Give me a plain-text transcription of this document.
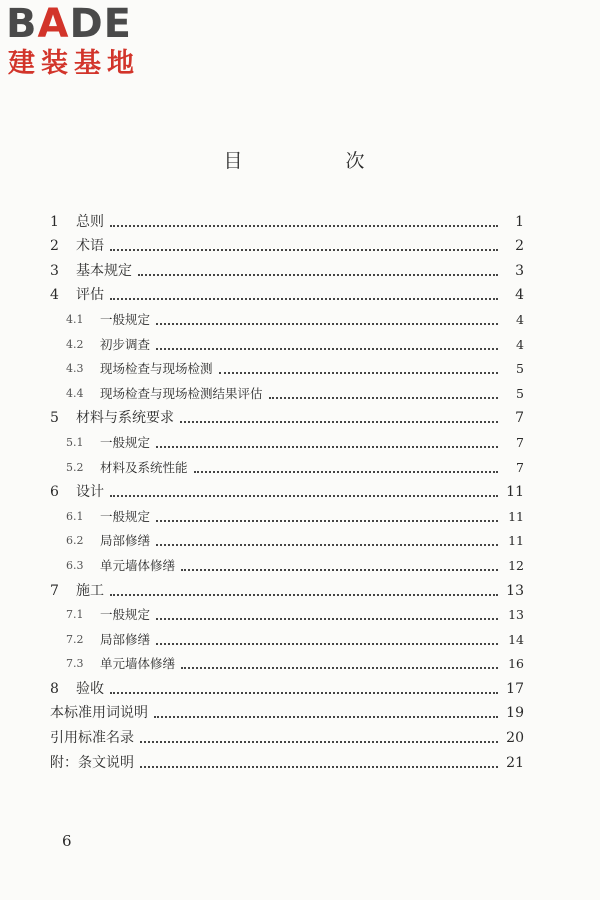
BADE
建装基地
目　次
1	总则	1
2	术语	2
3	基本规定	3
4	评估	4
4.1	一般规定	4
4.2	初步调查	4
4.3	现场检查与现场检测	5
4.4	现场检查与现场检测结果评估	5
5	材料与系统要求	7
5.1	一般规定	7
5.2	材料及系统性能	7
6	设计	11
6.1	一般规定	11
6.2	局部修缮	11
6.3	单元墙体修缮	12
7	施工	13
7.1	一般规定	13
7.2	局部修缮	14
7.3	单元墙体修缮	16
8	验收	17
本标准用词说明	19
引用标准名录	20
附：条文说明	21
6
